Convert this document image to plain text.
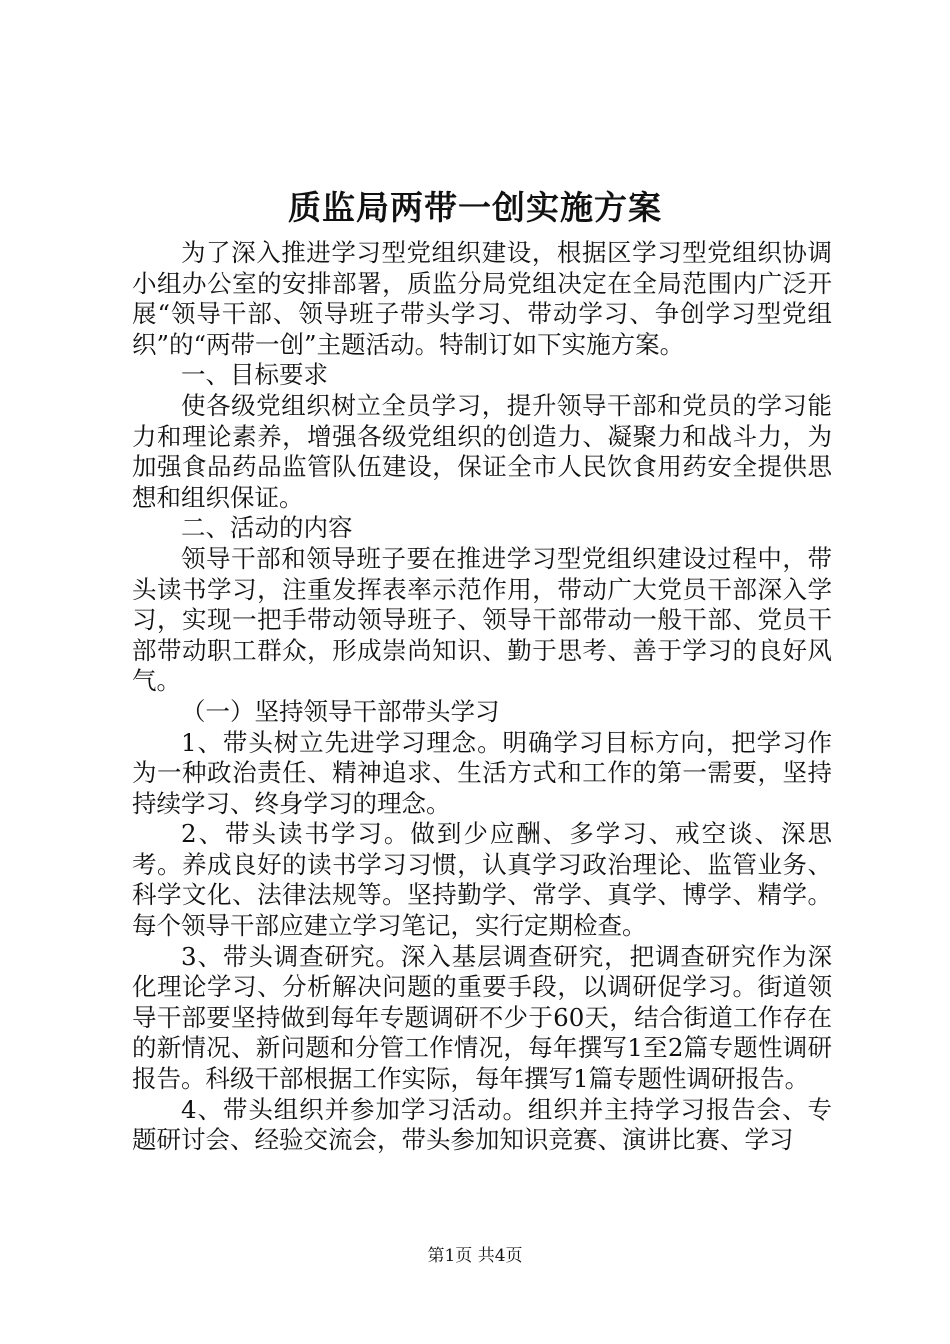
质监局两带一创实施方案

为了深入推进学习型党组织建设，根据区学习型党组织协调小组办公室的安排部署，质监分局党组决定在全局范围内广泛开展“领导干部、领导班子带头学习、带动学习、争创学习型党组织”的“两带一创”主题活动。特制订如下实施方案。

一、目标要求

使各级党组织树立全员学习，提升领导干部和党员的学习能力和理论素养，增强各级党组织的创造力、凝聚力和战斗力，为加强食品药品监管队伍建设，保证全市人民饮食用药安全提供思想和组织保证。

二、活动的内容

领导干部和领导班子要在推进学习型党组织建设过程中，带头读书学习，注重发挥表率示范作用，带动广大党员干部深入学习，实现一把手带动领导班子、领导干部带动一般干部、党员干部带动职工群众，形成崇尚知识、勤于思考、善于学习的良好风气。

（一）坚持领导干部带头学习

1、带头树立先进学习理念。明确学习目标方向，把学习作为一种政治责任、精神追求、生活方式和工作的第一需要，坚持持续学习、终身学习的理念。

2、带头读书学习。做到少应酬、多学习、戒空谈、深思考。养成良好的读书学习习惯，认真学习政治理论、监管业务、科学文化、法律法规等。坚持勤学、常学、真学、博学、精学。每个领导干部应建立学习笔记，实行定期检查。

3、带头调查研究。深入基层调查研究，把调查研究作为深化理论学习、分析解决问题的重要手段，以调研促学习。街道领导干部要坚持做到每年专题调研不少于60天，结合街道工作存在的新情况、新问题和分管工作情况，每年撰写1至2篇专题性调研报告。科级干部根据工作实际，每年撰写1篇专题性调研报告。

4、带头组织并参加学习活动。组织并主持学习报告会、专题研讨会、经验交流会，带头参加知识竞赛、演讲比赛、学习

第1页 共4页
